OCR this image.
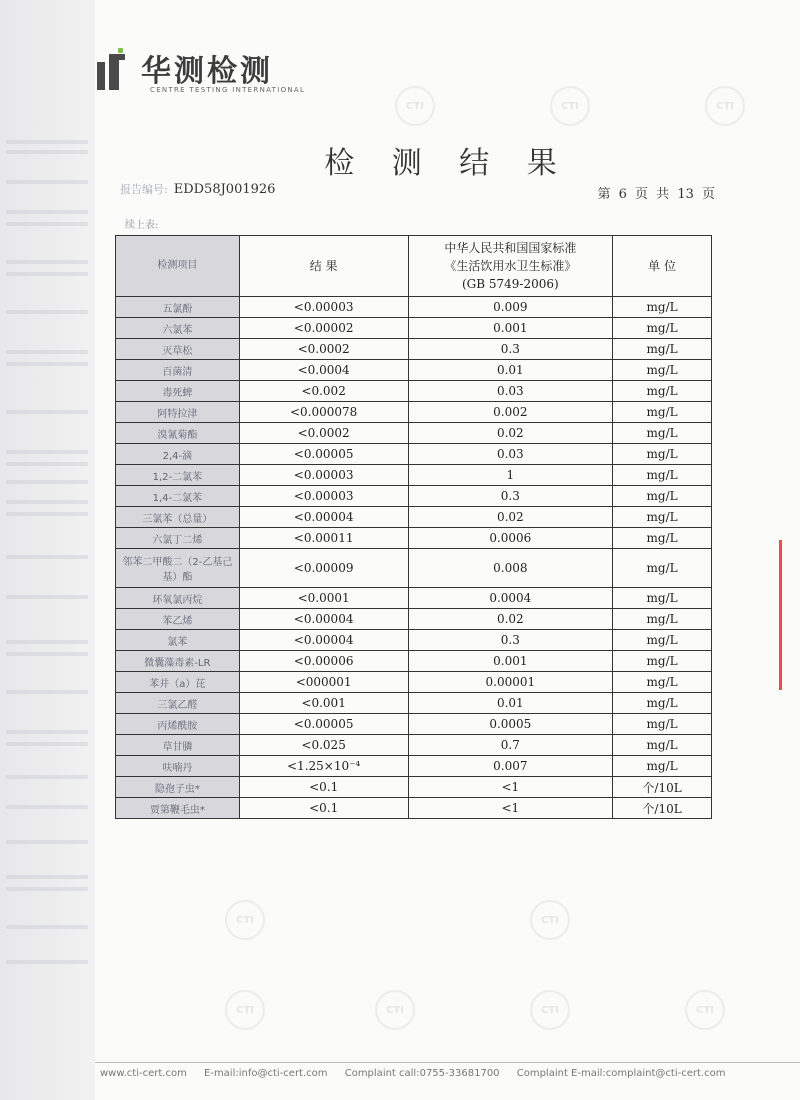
华测检测
CENTRE TESTING INTERNATIONAL
CTI
CTI	CTI
CTI	CTI	CTI	CTI
CTI	CTI
检 测 结 果
报告编号: EDD58J001926	第 6 页 共 13 页
续上表:
检测项目	结 果	中华人民共和国国家标准
《生活饮用水卫生标准》
(GB 5749-2006)	单 位
五氯酚	<0.00003	0.009	mg/L
六氯苯	<0.00002	0.001	mg/L
灭草松	<0.0002	0.3	mg/L
百菌清	<0.0004	0.01	mg/L
毒死蜱	<0.002	0.03	mg/L
阿特拉津	<0.000078	0.002	mg/L
溴氰菊酯	<0.0002	0.02	mg/L
2,4-滴	<0.00005	0.03	mg/L
1,2-二氯苯	<0.00003	1	mg/L
1,4-二氯苯	<0.00003	0.3	mg/L
三氯苯（总量）	<0.00004	0.02	mg/L
六氯丁二烯	<0.00011	0.0006	mg/L
邻苯二甲酸二（2-乙基己基）酯	<0.00009	0.008	mg/L
环氧氯丙烷	<0.0001	0.0004	mg/L
苯乙烯	<0.00004	0.02	mg/L
氯苯	<0.00004	0.3	mg/L
微囊藻毒素-LR	<0.00006	0.001	mg/L
苯并（a）芘	<000001	0.00001	mg/L
三氯乙醛	<0.001	0.01	mg/L
丙烯酰胺	<0.00005	0.0005	mg/L
草甘膦	<0.025	0.7	mg/L
呋喃丹	<1.25×10⁻⁴	0.007	mg/L
隐孢子虫*	<0.1	<1	个/10L
贾第鞭毛虫*	<0.1	<1	个/10L
www.cti-cert.com E-mail:info@cti-cert.com Complaint call:0755-33681700 Complaint E-mail:complaint@cti-cert.com
